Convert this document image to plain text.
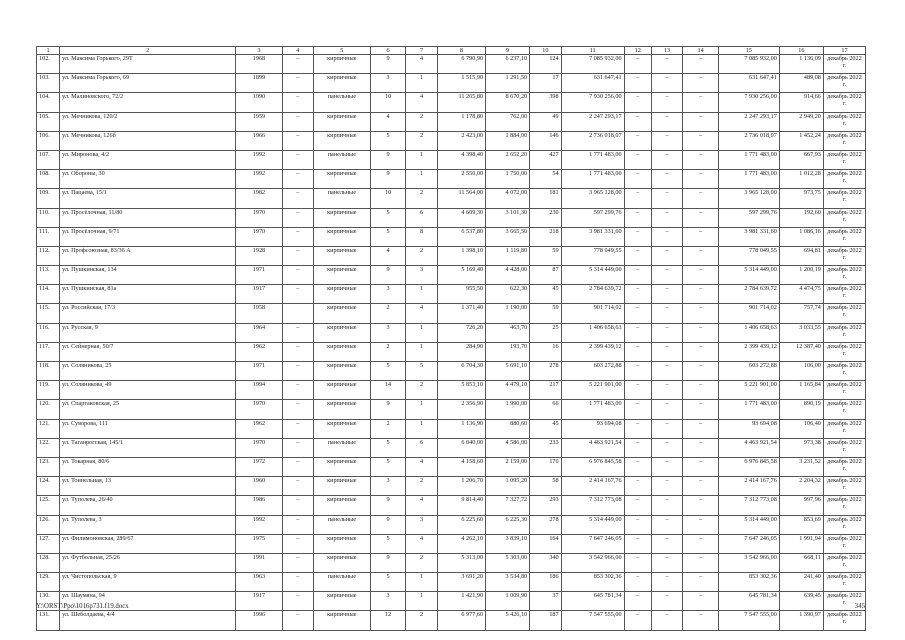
1	2	3	4	5	6	7	8	9	10	11	12	13	14	15	16	17
102.	ул. Максима Горького, 29Т	1968	–	кирпичные	9	4	6 790,90	6 237,10	124	7 085 932,00	–	–	–	7 085 932,00	1 136,09	декабрь 2022 г.
103.	ул. Максима Горького, 69	1899	–	кирпичные	3	1	1 515,90	1 291,50	17	631 647,41	–	–	–	631 647,41	489,08	декабрь 2022 г.
104.	ул. Малиновского, 72/2	1990	–	панельные	10	4	11 265,80	8 670,20	398	7 930 256,00	–	–	–	7 930 256,00	914,66	декабрь 2022 г.
105.	ул. Мечникова, 120/2	1959	–	кирпичные	4	2	1 178,80	762,00	49	2 247 293,17	–	–	–	2 247 293,17	2 949,20	декабрь 2022 г.
106.	ул. Мечникова, 126б	1966	–	кирпичные	5	2	2 423,00	1 884,00	146	2 736 018,07	–	–	–	2 736 018,07	1 452,24	декабрь 2022 г.
107.	ул. Миронова, 4/2	1992	–	панельные	9	1	4 398,40	2 652,20	427	1 771 483,00	–	–	–	1 771 483,00	667,93	декабрь 2022 г.
108.	ул. Обороны, 30	1992	–	кирпичные	9	1	2 550,00	1 750,00	54	1 771 483,00	–	–	–	1 771 483,00	1 012,28	декабрь 2022 г.
109.	ул. Пацаева, 15/1	1982	–	панельные	10	2	11 564,00	4 072,00	181	3 965 128,00	–	–	–	3 965 128,00	973,75	декабрь 2022 г.
110.	ул. Просёлочная, 11/80	1970	–	кирпичные	5	6	4 609,30	3 101,30	230	597 299,76	–	–	–	597 299,76	192,60	декабрь 2022 г.
111.	ул. Просёлочная, 9/71	1970	–	кирпичные	5	8	6 537,80	3 665,50	218	3 981 331,60	–	–	–	3 981 331,60	1 086,16	декабрь 2022 г.
112.	ул. Профсоюзная, 83/36 А	1928	–	кирпичные	4	2	1 398,10	1 119,80	59	778 049,55	–	–	–	778 049,55	694,81	декабрь 2022 г.
113.	ул. Пушкинская, 134	1971	–	кирпичные	9	3	5 169,40	4 428,00	87	5 314 449,00	–	–	–	5 314 449,00	1 200,19	декабрь 2022 г.
114.	ул. Пушкинская, 81а	1917	–	кирпичные	3	1	955,50	622,30	45	2 784 639,72	–	–	–	2 784 639,72	4 474,75	декабрь 2022 г.
115.	ул. Российская, 17/3	1958		кирпичные	2	4	1 371,40	1 190,00	59	901 714,02	–	–	–	901 714,02	757,74	декабрь 2022 г.
116.	ул. Русская, 9	1964	–	кирпичные	3	1	726,20	463,70	25	1 406 658,63	–	–	–	1 406 658,63	3 033,55	декабрь 2022 г.
117.	ул. Сейнерная, 50/7	1962	–	кирпичные	2	1	284,90	193,70	16	2 399 439,12	–	–	–	2 399 439,12	12 387,40	декабрь 2022 г.
118.	ул. Соляникова, 25	1971	–	кирпичные	5	5	6 704,30	5 691,10	278	603 272,88	–	–	–	603 272,88	106,00	декабрь 2022 г.
119.	ул. Соляникова, 49	1994	–	кирпичные	14	2	5 853,10	4 479,10	217	5 221 901,00	–	–	–	5 221 901,00	1 165,84	декабрь 2022 г.
120.	ул. Спартаковская, 25	1970	–	кирпичные	9	1	2 356,90	1 990,00	66	1 771 483,00	–	–	–	1 771 483,00	890,19	декабрь 2022 г.
121.	ул. Суворова, 111	1962	–	кирпичные	2	1	1 136,90	880,60	45	93 694,08	–	–	–	93 694,08	106,40	декабрь 2022 г.
122.	ул. Таганрогская, 145/1	1970	–	панельные	5	6	6 040,00	4 586,00	233	4 463 921,54	–	–	–	4 463 921,54	973,38	декабрь 2022 г.
123.	ул. Токарная, 80/6	1972	–	кирпичные	5	4	4 158,60	2 159,00	170	6 976 845,58	–	–	–	6 976 845,58	3 231,52	декабрь 2022 г.
124.	ул. Тоннельная, 13	1960	–	кирпичные	3	2	1 206,70	1 095,20	58	2 414 167,76	–	–	–	2 414 167,76	2 204,32	декабрь 2022 г.
125.	ул. Туполева, 26/40	1986	–	кирпичные	9	4	9 814,40	7 327,72	293	7 312 773,08	–	–	–	7 312 773,08	997,96	декабрь 2022 г.
126.	ул. Туполева, 3	1992	–	панельные	9	3	6 225,60	6 225,30	278	5 314 449,00	–	–	–	5 314 449,00	853,69	декабрь 2022 г.
127.	ул. Филимоновская, 289/67	1975	–	кирпичные	5	4	4 262,10	3 839,10	164	7 647 246,05	–	–	–	7 647 246,05	1 991,94	декабрь 2022 г.
128.	ул. Футбольная, 25/26	1991	–	кирпичные	9	2	5 313,00	5 303,00	340	3 542 966,00	–	–	–	3 542 966,00	668,11	декабрь 2022 г.
129.	ул. Чистопольская, 9	1963	–	панельные	5	1	3 691,20	3 534,80	186	853 302,36	–	–	–	853 302,36	241,40	декабрь 2022 г.
130.	ул. Шаумяна, 94	1917	–	кирпичные	3	1	1 421,90	1 009,90	37	645 781,34	–	–	–	645 781,34	639,45	декабрь 2022 г.
131.	ул. Шеболдаева, 4/4	1996	–	кирпичные	12	2	6 977,60	5 426,10	187	7 547 555,00	–	–	–	7 547 555,00	1 390,97	декабрь 2022 г.
Y:\ORST\Ppo\1016p731.f19.docx	345
